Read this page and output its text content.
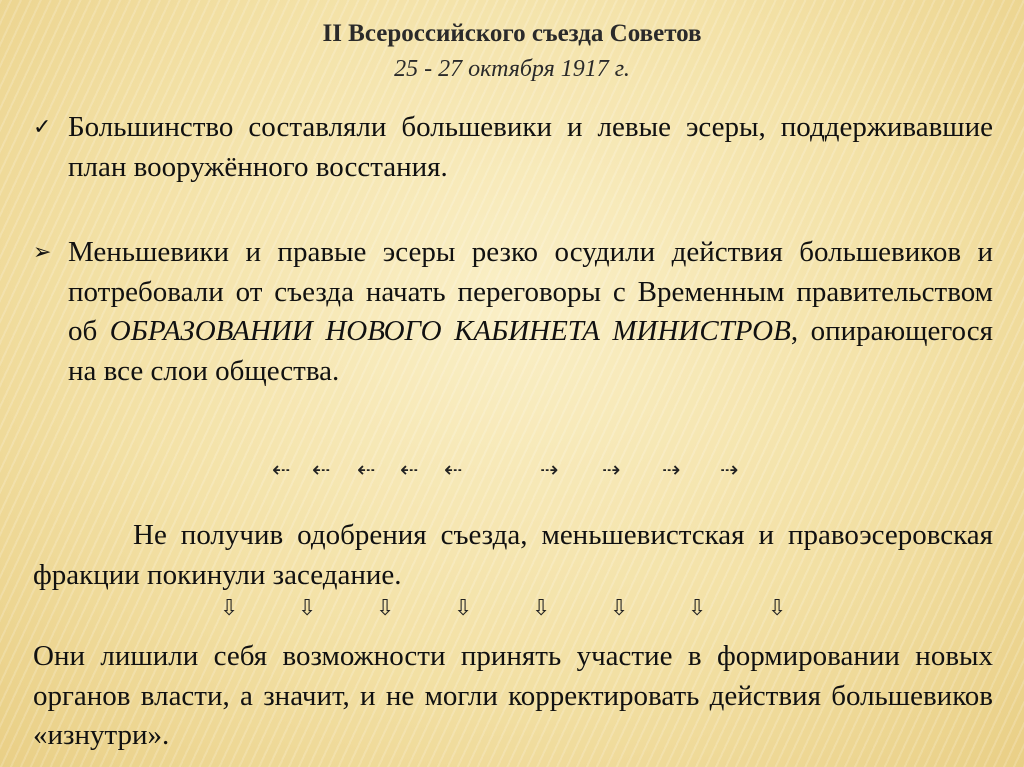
II Всероссийского съезда Советов
25 - 27 октября 1917 г.
✓ Большинство составляли большевики и левые эсеры, поддерживавшие план вооружённого восстания.
➢ Меньшевики и правые эсеры резко осудили действия большевиков и потребовали от съезда начать переговоры с Временным правительством об ОБРАЗОВАНИИ НОВОГО КАБИНЕТА МИНИСТРОВ, опирающегося на все слои общества.
⇠ ⇠ ⇠ ⇠ ⇠	⇢ ⇢ ⇢ ⇢
Не получив одобрения съезда, меньшевистская и правоэсеровская фракции покинули заседание.
⇩	⇩	⇩	⇩	⇩	⇩	⇩	⇩
Они лишили себя возможности принять участие в формировании новых органов власти, а значит, и не могли корректировать действия большевиков «изнутри».
